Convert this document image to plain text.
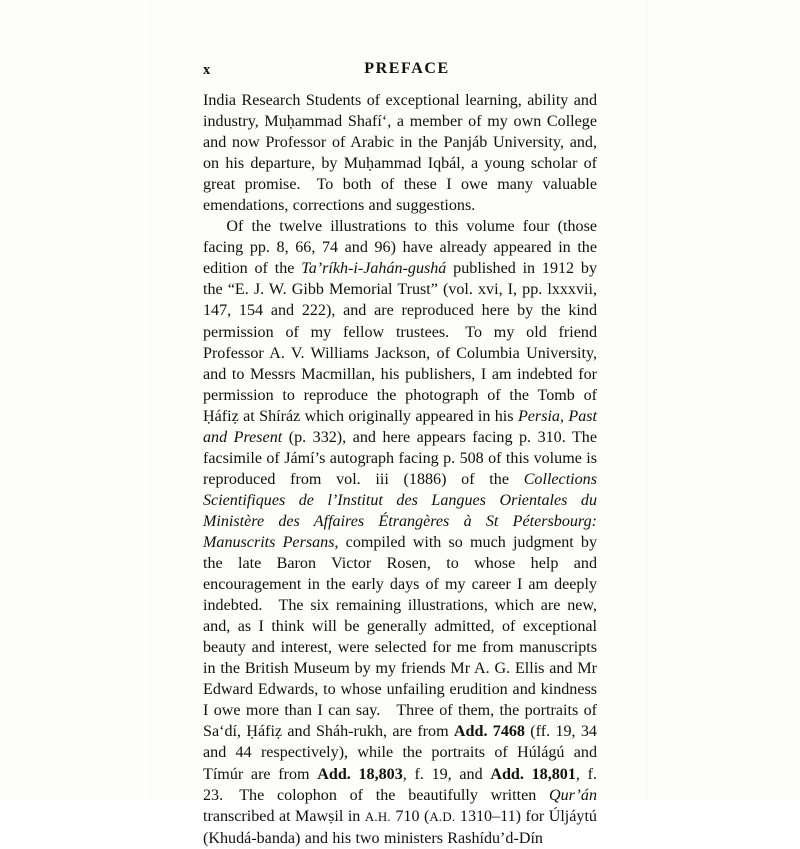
x	PREFACE

India Research Students of exceptional learning, ability and industry, Muḥammad Shafí‘, a member of my own College and now Professor of Arabic in the Panjáb University, and, on his departure, by Muḥammad Iqbál, a young scholar of great promise. To both of these I owe many valuable emendations, corrections and suggestions.

Of the twelve illustrations to this volume four (those facing pp. 8, 66, 74 and 96) have already appeared in the edition of the Ta’ríkh-i-Jahán-gushá published in 1912 by the “E. J. W. Gibb Memorial Trust” (vol. xvi, I, pp. lxxxvii, 147, 154 and 222), and are reproduced here by the kind permission of my fellow trustees. To my old friend Professor A. V. Williams Jackson, of Columbia University, and to Messrs Macmillan, his publishers, I am indebted for permission to reproduce the photograph of the Tomb of Ḥáfiẓ at Shíráz which originally appeared in his Persia, Past and Present (p. 332), and here appears facing p. 310. The facsimile of Jámí’s autograph facing p. 508 of this volume is reproduced from vol. iii (1886) of the Collections Scientifiques de l’Institut des Langues Orientales du Ministère des Affaires Étrangères à St Pétersbourg: Manuscrits Persans, compiled with so much judgment by the late Baron Victor Rosen, to whose help and encouragement in the early days of my career I am deeply indebted. The six remaining illustrations, which are new, and, as I think will be generally admitted, of exceptional beauty and interest, were selected for me from manuscripts in the British Museum by my friends Mr A. G. Ellis and Mr Edward Edwards, to whose unfailing erudition and kindness I owe more than I can say. Three of them, the portraits of Sa‘dí, Ḥáfiẓ and Sháh-rukh, are from Add. 7468 (ff. 19, 34 and 44 respectively), while the portraits of Húlágú and Tímúr are from Add. 18,803, f. 19, and Add. 18,801, f. 23. The colophon of the beautifully written Qur’án transcribed at Mawṣil in A.H. 710 (A.D. 1310–11) for Úljáytú (Khudá-banda) and his two ministers Rashídu’d-Dín
